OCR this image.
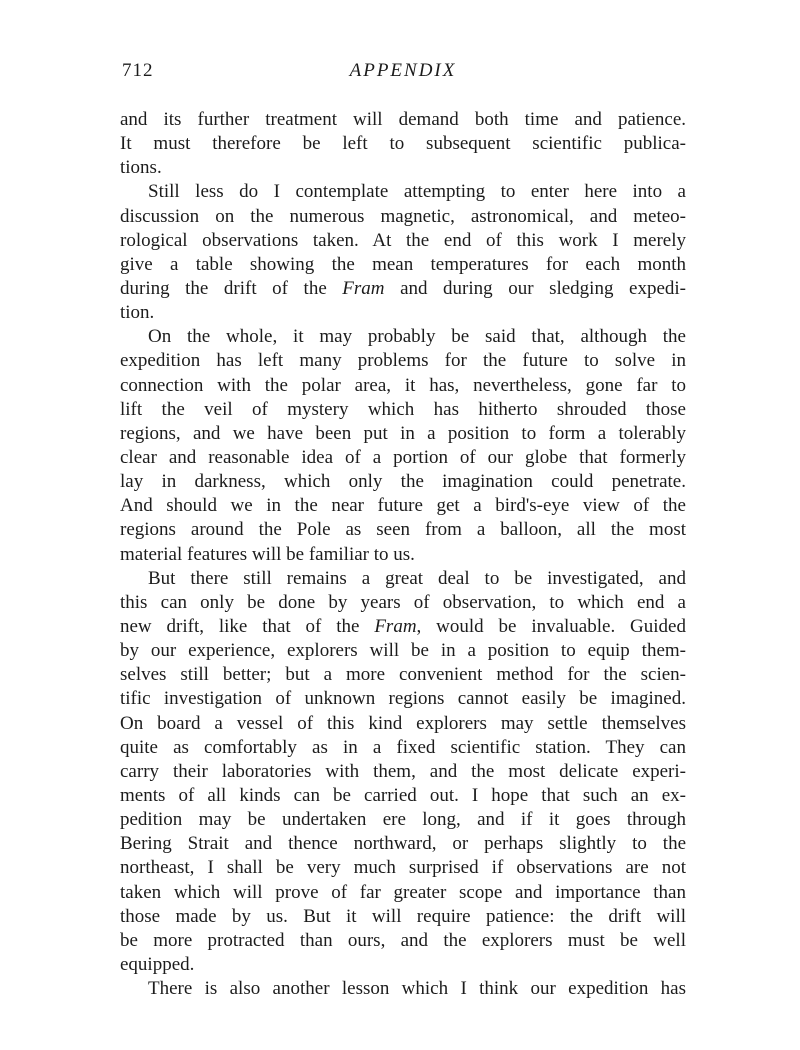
712	APPENDIX
and its further treatment will demand both time and patience.
It must therefore be left to subsequent scientific publica-
tions.
Still less do I contemplate attempting to enter here into a
discussion on the numerous magnetic, astronomical, and meteo-
rological observations taken. At the end of this work I merely
give a table showing the mean temperatures for each month
during the drift of the Fram and during our sledging expedi-
tion.
On the whole, it may probably be said that, although the
expedition has left many problems for the future to solve in
connection with the polar area, it has, nevertheless, gone far to
lift the veil of mystery which has hitherto shrouded those
regions, and we have been put in a position to form a tolerably
clear and reasonable idea of a portion of our globe that formerly
lay in darkness, which only the imagination could penetrate.
And should we in the near future get a bird's-eye view of the
regions around the Pole as seen from a balloon, all the most
material features will be familiar to us.
But there still remains a great deal to be investigated, and
this can only be done by years of observation, to which end a
new drift, like that of the Fram, would be invaluable. Guided
by our experience, explorers will be in a position to equip them-
selves still better; but a more convenient method for the scien-
tific investigation of unknown regions cannot easily be imagined.
On board a vessel of this kind explorers may settle themselves
quite as comfortably as in a fixed scientific station. They can
carry their laboratories with them, and the most delicate experi-
ments of all kinds can be carried out. I hope that such an ex-
pedition may be undertaken ere long, and if it goes through
Bering Strait and thence northward, or perhaps slightly to the
northeast, I shall be very much surprised if observations are not
taken which will prove of far greater scope and importance than
those made by us. But it will require patience: the drift will
be more protracted than ours, and the explorers must be well
equipped.
There is also another lesson which I think our expedition has
